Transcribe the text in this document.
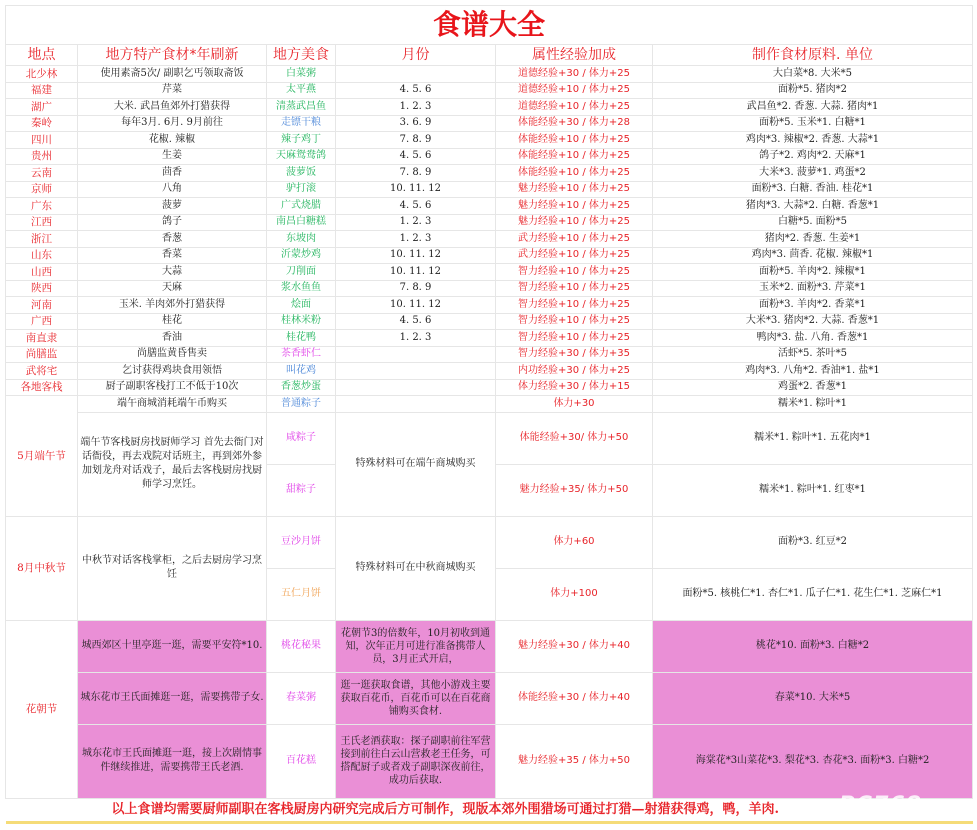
食谱大全					
地点	地方特产食材*年刷新	地方美食	月份	属性经验加成	制作食材原料. 单位
北少林	使用素斋5次/ 副职乞丐领取斋饭	白菜粥		道德经验+30 / 体力+25	大白菜*8. 大米*5
福建	芹菜	太平燕	4. 5. 6	道德经验+10 / 体力+25	面粉*5. 猪肉*2
湖广	大米. 武昌鱼郊外打猎获得	清蒸武昌鱼	1. 2. 3	道德经验+10 / 体力+25	武昌鱼*2. 香葱. 大蒜. 猪肉*1
秦岭	每年3月. 6月. 9月前往	走镖干粮	3. 6. 9	体能经验+30 / 体力+28	面粉*5. 玉米*1. 白糖*1
四川	花椒. 辣椒	辣子鸡丁	7. 8. 9	体能经验+10 / 体力+25	鸡肉*3. 辣椒*2. 香葱. 大蒜*1
贵州	生姜	天麻鸳鸯鸽	4. 5. 6	体能经验+10 / 体力+25	鸽子*2. 鸡肉*2. 天麻*1
云南	茴香	菠萝饭	7. 8. 9	体能经验+10 / 体力+25	大米*3. 菠萝*1. 鸡蛋*2
京师	八角	驴打滚	10. 11. 12	魅力经验+10 / 体力+25	面粉*3. 白糖. 香油. 桂花*1
广东	菠萝	广式烧腊	4. 5. 6	魅力经验+10 / 体力+25	猪肉*3. 大蒜*2. 白糖. 香葱*1
江西	鸽子	南昌白糖糕	1. 2. 3	魅力经验+10 / 体力+25	白糖*5. 面粉*5
浙江	香葱	东坡肉	1. 2. 3	武力经验+10 / 体力+25	猪肉*2. 香葱. 生姜*1
山东	香菜	沂蒙炒鸡	10. 11. 12	武力经验+10 / 体力+25	鸡肉*3. 茴香. 花椒. 辣椒*1
山西	大蒜	刀削面	10. 11. 12	智力经验+10 / 体力+25	面粉*5. 羊肉*2. 辣椒*1
陕西	天麻	浆水鱼鱼	7. 8. 9	智力经验+10 / 体力+25	玉米*2. 面粉*3. 芹菜*1
河南	玉米. 羊肉郊外打猎获得	烩面	10. 11. 12	智力经验+10 / 体力+25	面粉*3. 羊肉*2. 香菜*1
广西	桂花	桂林米粉	4. 5. 6	智力经验+10 / 体力+25	大米*3. 猪肉*2. 大蒜. 香葱*1
南直隶	香油	桂花鸭	1. 2. 3	智力经验+10 / 体力+25	鸭肉*3. 盐. 八角. 香葱*1
尚膳监	尚膳监黄昏售卖	茶香虾仁		智力经验+30 / 体力+35	活虾*5. 茶叶*5
武将宅	乞讨获得鸡块食用领悟	叫花鸡		内功经验+30 / 体力+25	鸡肉*3. 八角*2. 香油*1. 盐*1
各地客栈	厨子副职客栈打工不低于10次	香葱炒蛋		体力经验+30 / 体力+15	鸡蛋*2. 香葱*1
5月端午节	端午商城消耗端午币购买	普通粽子		体力+30	糯米*1. 粽叶*1
	端午节客栈厨房找厨师学习 首先去衙门对话衙役，再去戏院对话班主，再到郊外参加划龙舟对话戏子，最后去客栈厨房找厨师学习烹饪。	咸粽子	特殊材料可在端午商城购买	体能经验+30/ 体力+50	糯米*1. 粽叶*1. 五花肉*1
		甜粽子		魅力经验+35/ 体力+50	糯米*1. 粽叶*1. 红枣*1
8月中秋节	中秋节对话客栈掌柜，之后去厨房学习烹饪	豆沙月饼	特殊材料可在中秋商城购买	体力+60	面粉*3. 红豆*2
		五仁月饼		体力+100	面粉*5. 核桃仁*1. 杏仁*1. 瓜子仁*1. 花生仁*1. 芝麻仁*1
花朝节	城西郊区十里亭逛一逛，需要平安符*10.	桃花秘果	花朝节3的倍数年，10月初收到通知，次年正月可进行准备携带人员，3月正式开启，	魅力经验+30 / 体力+40	桃花*10. 面粉*3. 白糖*2
	城东花市王氏面摊逛一逛，需要携带子女.	春菜粥	逛一逛获取食谱，其他小游戏主要获取百花币，百花币可以在百花商铺购买食材.	体能经验+30 / 体力+40	春菜*10. 大米*5
	城东花市王氏面摊逛一逛，接上次剧情事件继续推进，需要携带王氏老酒.	百花糕	王氏老酒获取：探子副职前往军营接到前往白云山营救老王任务，可搭配厨子或者戏子副职深夜前往，成功后获取.	魅力经验+35 / 体力+50	海棠花*3山菜花*3. 梨花*3. 杏花*3. 面粉*3. 白糖*2
以上食谱均需要厨师副职在客栈厨房内研究完成后方可制作，现版本郊外围猎场可通过打猎—射猎获得鸡，鸭，羊肉.						PC768软件园
